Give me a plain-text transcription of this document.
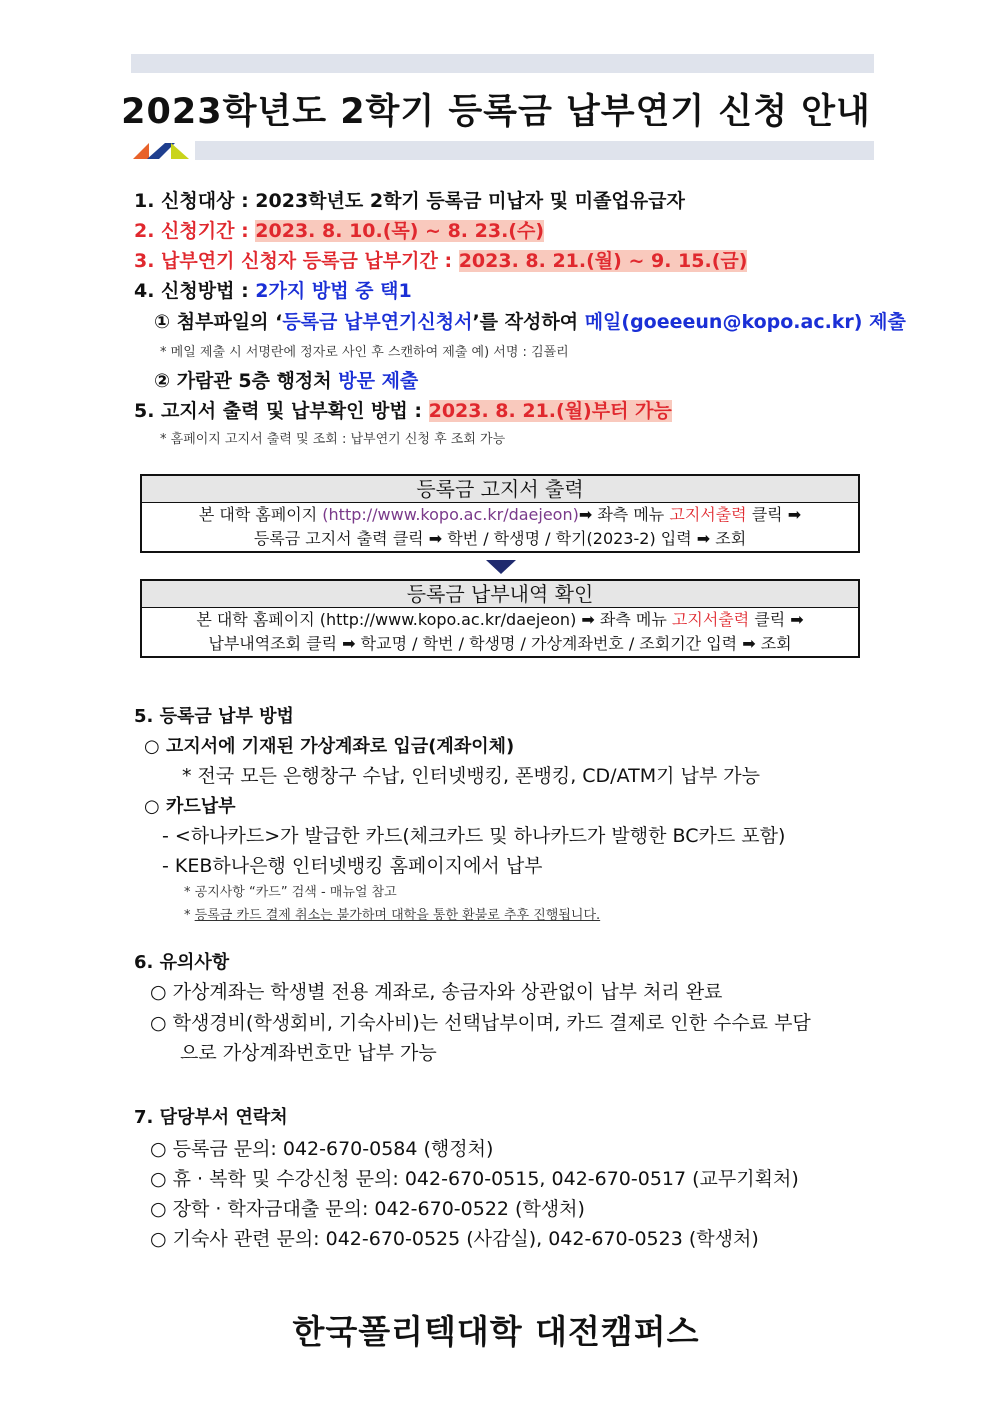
2023학년도 2학기 등록금 납부연기 신청 안내
1. 신청대상 : 2023학년도 2학기 등록금 미납자 및 미졸업유급자
2. 신청기간 : 2023. 8. 10.(목) ~ 8. 23.(수)
3. 납부연기 신청자 등록금 납부기간 : 2023. 8. 21.(월) ~ 9. 15.(금)
4. 신청방법 : 2가지 방법 중 택1
① 첨부파일의 ‘등록금 납부연기신청서’를 작성하여 메일(goeeeun@kopo.ac.kr) 제출
* 메일 제출 시 서명란에 정자로 사인 후 스캔하여 제출 예) 서명 : 김폴리
② 가람관 5층 행정처 방문 제출
5. 고지서 출력 및 납부확인 방법 : 2023. 8. 21.(월)부터 가능
* 홈페이지 고지서 출력 및 조회 : 납부연기 신청 후 조회 가능
등록금 고지서 출력
본 대학 홈페이지 (http://www.kopo.ac.kr/daejeon)➡ 좌측 메뉴 고지서출력 클릭 ➡
등록금 고지서 출력 클릭 ➡ 학번 / 학생명 / 학기(2023-2) 입력 ➡ 조회
등록금 납부내역 확인
본 대학 홈페이지 (http://www.kopo.ac.kr/daejeon) ➡ 좌측 메뉴 고지서출력 클릭 ➡
납부내역조회 클릭 ➡ 학교명 / 학번 / 학생명 / 가상계좌번호 / 조회기간 입력 ➡ 조회
5. 등록금 납부 방법
○ 고지서에 기재된 가상계좌로 입금(계좌이체)
* 전국 모든 은행창구 수납, 인터넷뱅킹, 폰뱅킹, CD/ATM기 납부 가능
○ 카드납부
- <하나카드>가 발급한 카드(체크카드 및 하나카드가 발행한 BC카드 포함)
- KEB하나은행 인터넷뱅킹 홈페이지에서 납부
* 공지사항 “카드” 검색 - 매뉴얼 참고
* 등록금 카드 결제 취소는 불가하며 대학을 통한 환불로 추후 진행됩니다.
6. 유의사항
○ 가상계좌는 학생별 전용 계좌로, 송금자와 상관없이 납부 처리 완료
○ 학생경비(학생회비, 기숙사비)는 선택납부이며, 카드 결제로 인한 수수료 부담
으로 가상계좌번호만 납부 가능
7. 담당부서 연락처
○ 등록금 문의: 042-670-0584 (행정처)
○ 휴 · 복학 및 수강신청 문의: 042-670-0515, 042-670-0517 (교무기획처)
○ 장학 · 학자금대출 문의: 042-670-0522 (학생처)
○ 기숙사 관련 문의: 042-670-0525 (사감실), 042-670-0523 (학생처)
한국폴리텍대학 대전캠퍼스
